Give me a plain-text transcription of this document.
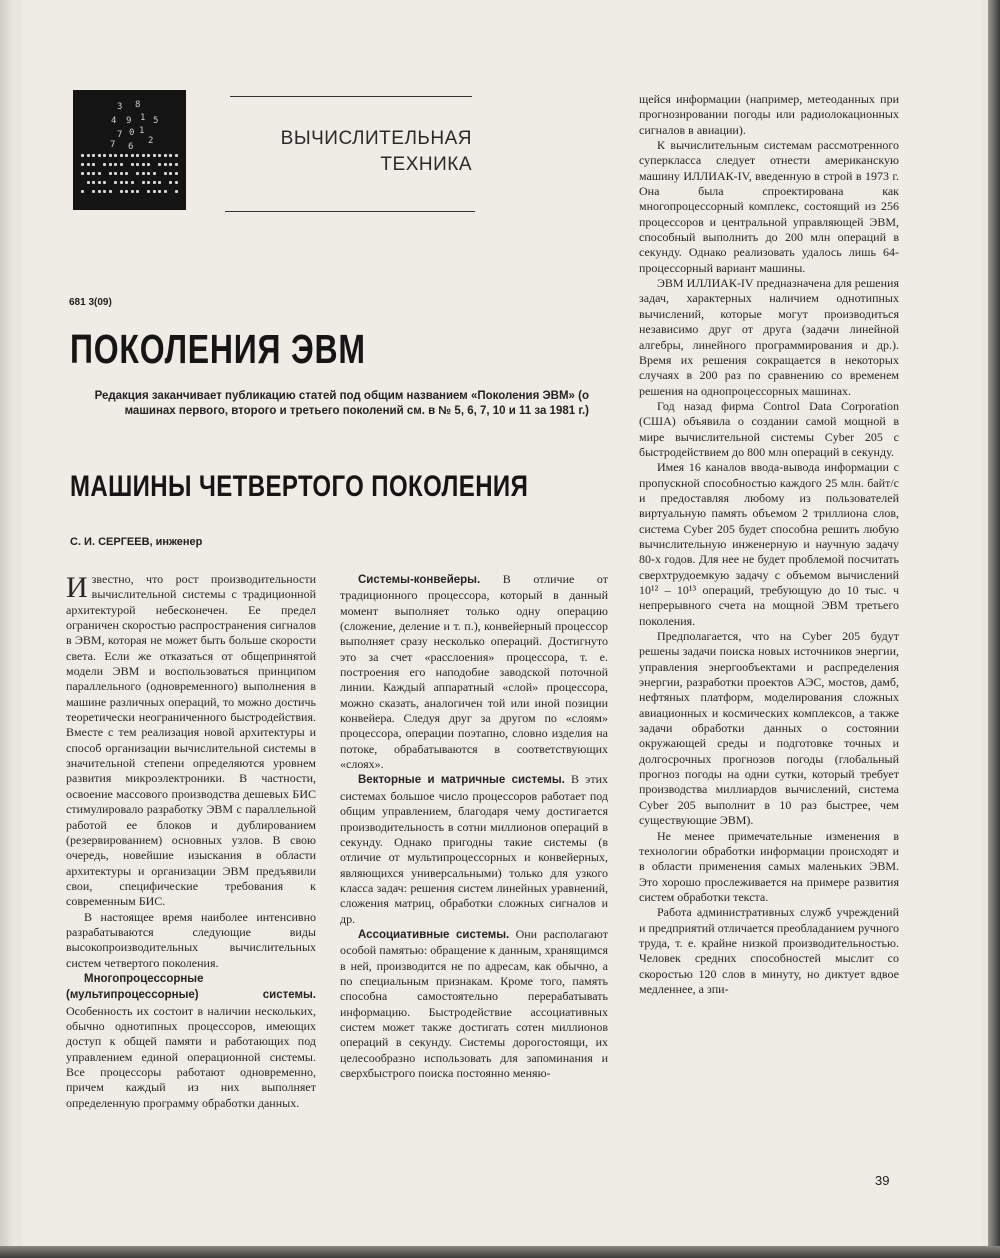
3 8
4 9 1 5
7 0 1
6
2
7	ВЫЧИСЛИТЕЛЬНАЯ
ТЕХНИКА
681 3(09)
ПОКОЛЕНИЯ ЭВМ
Редакция заканчивает публикацию статей под общим названием «Поколения ЭВМ» (о машинах первого, второго и третьего поколений см. в № 5, 6, 7, 10 и 11 за 1981 г.)
МАШИНЫ ЧЕТВЕРТОГО ПОКОЛЕНИЯ
С. И. СЕРГЕЕВ, инженер

Известно, что рост производительности вычислительной системы с традиционной архитектурой небесконечен. Ее предел ограничен скоростью распространения сигналов в ЭВМ, которая не может быть больше скорости света. Если же отказаться от общепринятой модели ЭВМ и воспользоваться принципом параллельного (одновременного) выполнения в машине различных операций, то можно достичь теоретически неограниченного быстродействия. Вместе с тем реализация новой архитектуры и способ организации вычислительной системы в значительной степени определяются уровнем развития микроэлектроники. В частности, освоение массового производства дешевых БИС стимулировало разработку ЭВМ с параллельной работой ее блоков и дублированием (резервированием) основных узлов. В свою очередь, новейшие изыскания в области архитектуры и организации ЭВМ предъявили свои, специфические требования к современным БИС.

В настоящее время наиболее интенсивно разрабатываются следующие виды высокопроизводительных вычислительных систем четвертого поколения.

Многопроцессорные (мультипроцессорные) системы. Особенность их состоит в наличии нескольких, обычно однотипных процессоров, имеющих доступ к общей памяти и работающих под управлением единой операционной системы. Все процессоры работают одновременно, причем каждый из них выполняет определенную программу обработки данных.

Системы-конвейеры. В отличие от традиционного процессора, который в данный момент выполняет только одну операцию (сложение, деление и т. п.), конвейерный процессор выполняет сразу несколько операций. Достигнуто это за счет «расслоения» процессора, т. е. построения его наподобие заводской поточной линии. Каждый аппаратный «слой» процессора, можно сказать, аналогичен той или иной позиции конвейера. Следуя друг за другом по «слоям» процессора, операции поэтапно, словно изделия на потоке, обрабатываются в соответствующих «слоях».

Векторные и матричные системы. В этих системах большое число процессоров работает под общим управлением, благодаря чему достигается производительность в сотни миллионов операций в секунду. Однако пригодны такие системы (в отличие от мультипроцессорных и конвейерных, являющихся универсальными) только для узкого класса задач: решения систем линейных уравнений, сложения матриц, обработки сложных сигналов и др.

Ассоциативные системы. Они располагают особой памятью: обращение к данным, хранящимся в ней, производится не по адресам, как обычно, а по специальным признакам. Кроме того, память способна самостоятельно перерабатывать информацию. Быстродействие ассоциативных систем может также достигать сотен миллионов операций в секунду. Системы дорогостоящи, их целесообразно использовать для запоминания и сверхбыстрого поиска постоянно меняю-

щейся информации (например, метеоданных при прогнозировании погоды или радиолокационных сигналов в авиации).

К вычислительным системам рассмотренного суперкласса следует отнести американскую машину ИЛЛИАК-IV, введенную в строй в 1973 г. Она была спроектирована как многопроцессорный комплекс, состоящий из 256 процессоров и центральной управляющей ЭВМ, способный выполнить до 200 млн операций в секунду. Однако реализовать удалось лишь 64-процессорный вариант машины.

ЭВМ ИЛЛИАК-IV предназначена для решения задач, характерных наличием однотипных вычислений, которые могут производиться независимо друг от друга (задачи линейной алгебры, линейного программирования и др.). Время их решения сокращается в некоторых случаях в 200 раз по сравнению со временем решения на однопроцессорных машинах.

Год назад фирма Control Data Corporation (США) объявила о создании самой мощной в мире вычислительной системы Cyber 205 с быстродействием до 800 млн операций в секунду.

Имея 16 каналов ввода-вывода информации с пропускной способностью каждого 25 млн. байт/с и предоставляя любому из пользователей виртуальную память объемом 2 триллиона слов, система Cyber 205 будет способна решить любую вычислительную инженерную и научную задачу 80-х годов. Для нее не будет проблемой посчитать сверхтрудоемкую задачу с объемом вычислений 10¹² – 10¹³ операций, требующую до 10 тыс. ч непрерывного счета на мощной ЭВМ третьего поколения.

Предполагается, что на Cyber 205 будут решены задачи поиска новых источников энергии, управления энергообъектами и распределения энергии, разработки проектов АЭС, мостов, дамб, нефтяных платформ, моделирования сложных авиационных и космических комплексов, а также задачи обработки данных о состоянии окружающей среды и подготовке точных и долгосрочных прогнозов погоды (глобальный прогноз погоды на одни сутки, который требует производства миллиардов вычислений, система Cyber 205 выполнит в 10 раз быстрее, чем существующие ЭВМ).

Не менее примечательные изменения в технологии обработки информации происходят и в области применения самых маленьких ЭВМ. Это хорошо прослеживается на примере развития систем обработки текста.

Работа административных служб учреждений и предприятий отличается преобладанием ручного труда, т. е. крайне низкой производительностью. Человек средних способностей мыслит со скоростью 120 слов в минуту, но диктует вдвое медленнее, а зпи-

39
